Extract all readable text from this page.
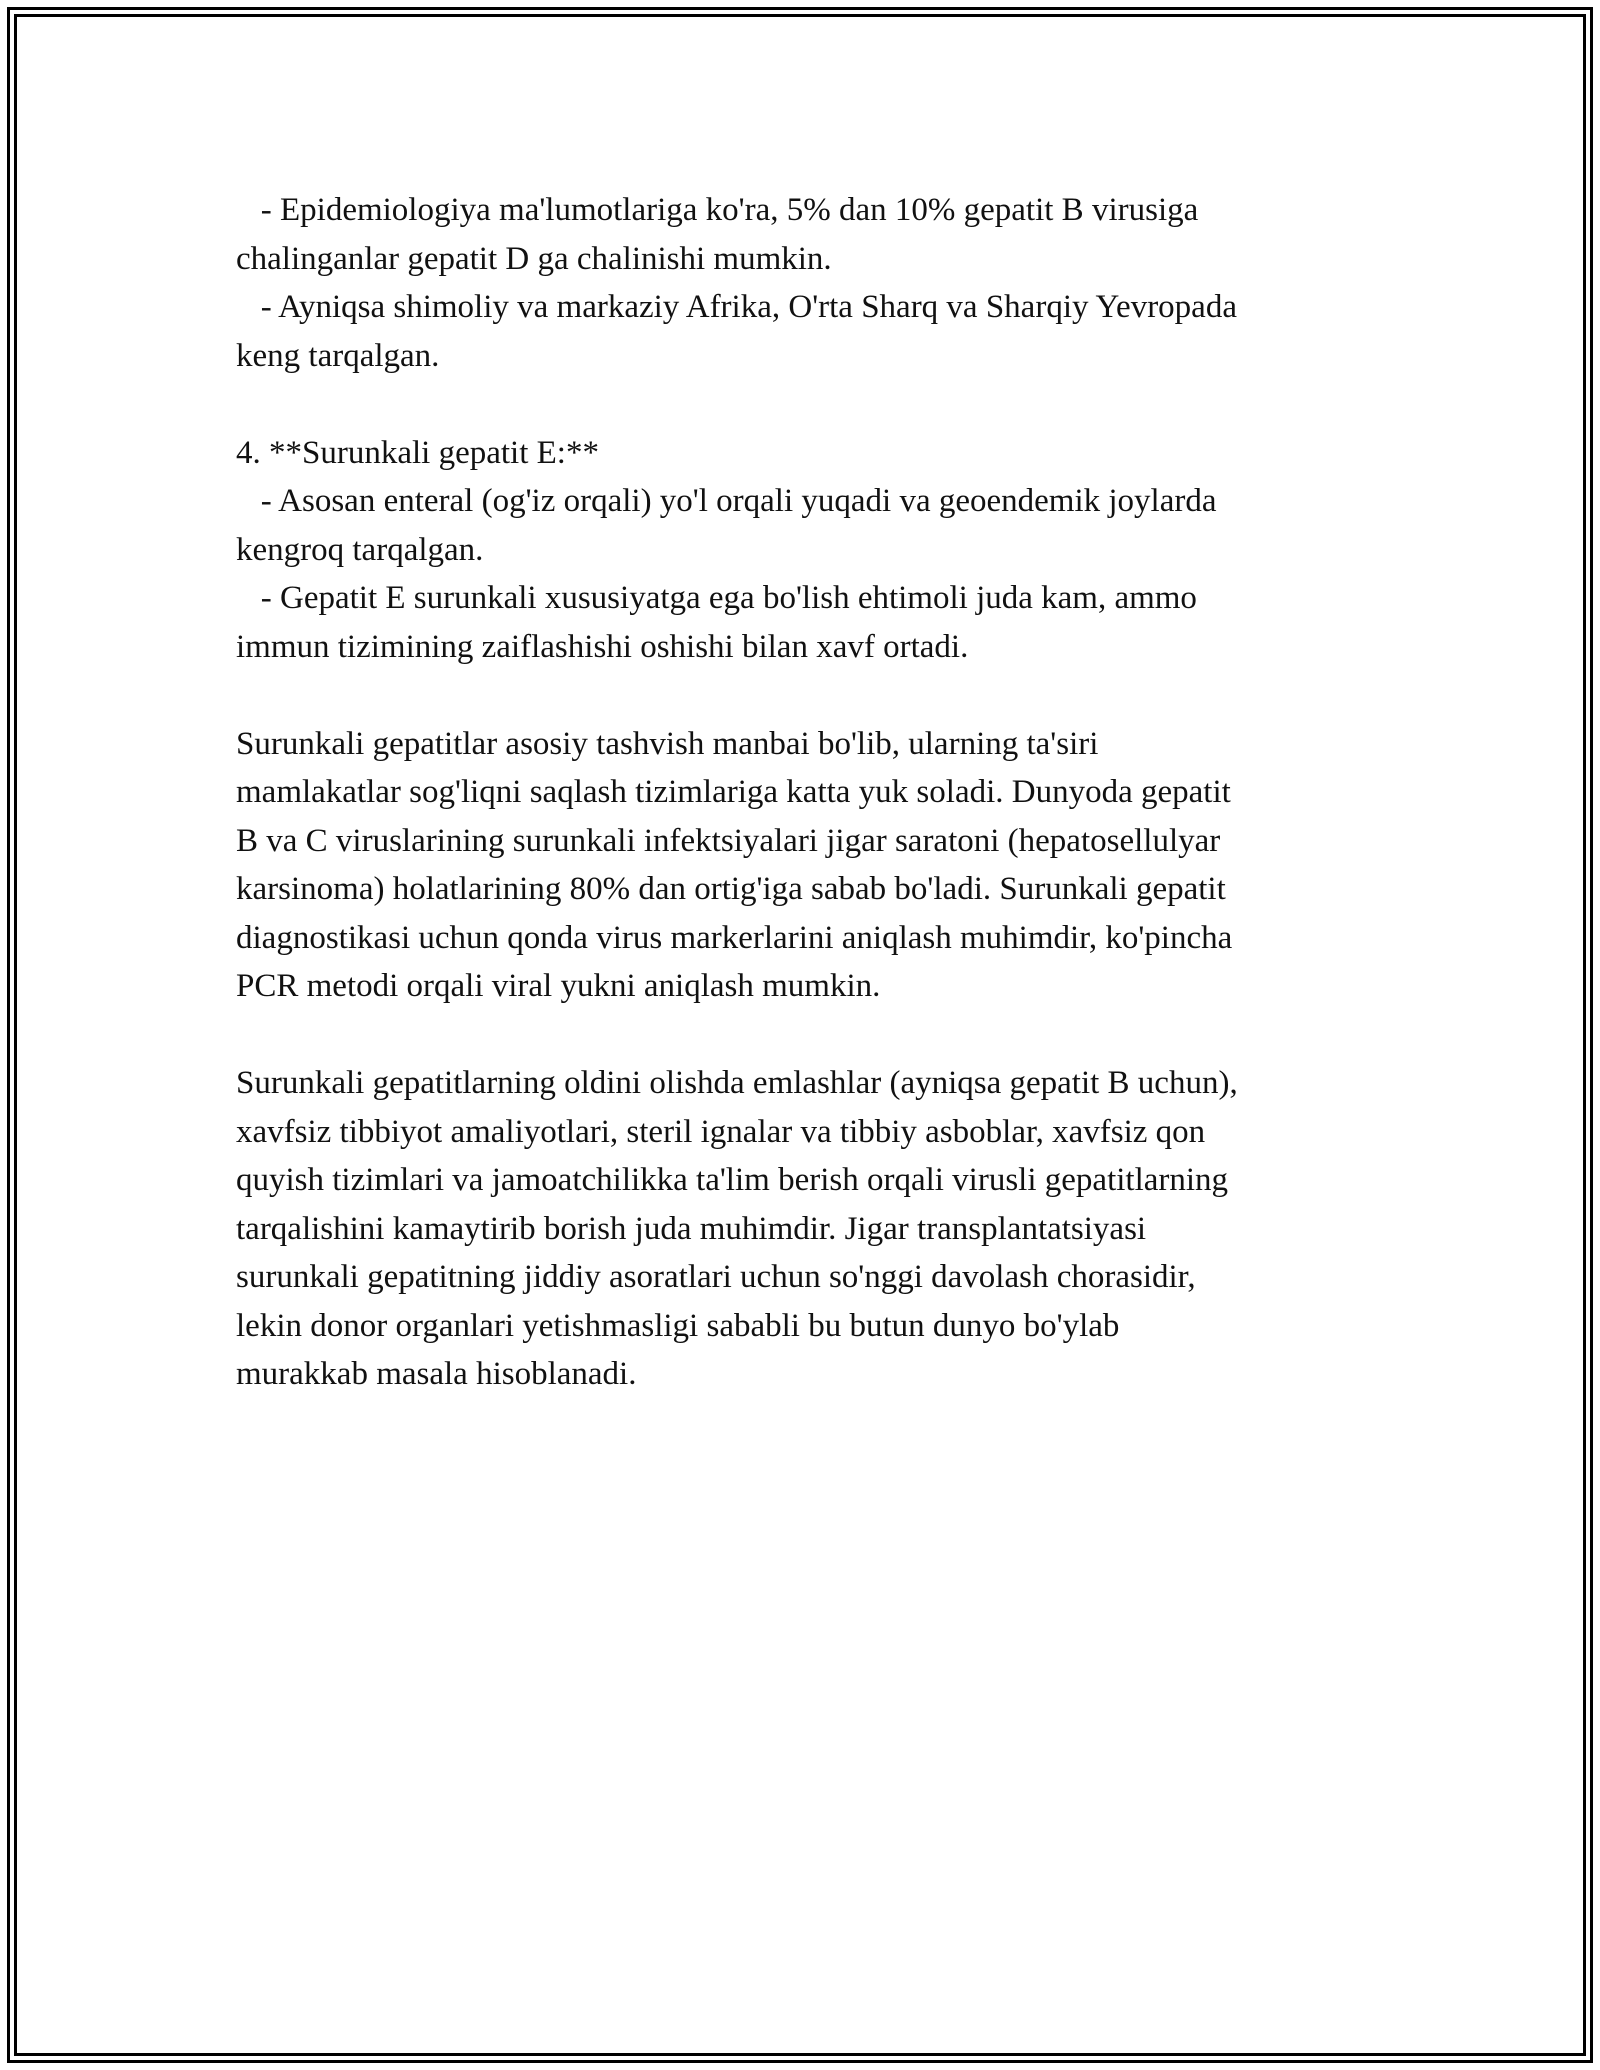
- Epidemiologiya ma'lumotlariga ko'ra, 5% dan 10% gepatit B virusiga

chalinganlar gepatit D ga chalinishi mumkin.

- Ayniqsa shimoliy va markaziy Afrika, O'rta Sharq va Sharqiy Yevropada

keng tarqalgan.

4. **Surunkali gepatit E:**

- Asosan enteral (og'iz orqali) yo'l orqali yuqadi va geoendemik joylarda

kengroq tarqalgan.

- Gepatit E surunkali xususiyatga ega bo'lish ehtimoli juda kam, ammo

immun tizimining zaiflashishi oshishi bilan xavf ortadi.

Surunkali gepatitlar asosiy tashvish manbai bo'lib, ularning ta'siri

mamlakatlar sog'liqni saqlash tizimlariga katta yuk soladi. Dunyoda gepatit

B va C viruslarining surunkali infektsiyalari jigar saratoni (hepatosellulyar

karsinoma) holatlarining 80% dan ortig'iga sabab bo'ladi. Surunkali gepatit

diagnostikasi uchun qonda virus markerlarini aniqlash muhimdir, ko'pincha

PCR metodi orqali viral yukni aniqlash mumkin.

Surunkali gepatitlarning oldini olishda emlashlar (ayniqsa gepatit B uchun),

xavfsiz tibbiyot amaliyotlari, steril ignalar va tibbiy asboblar, xavfsiz qon

quyish tizimlari va jamoatchilikka ta'lim berish orqali virusli gepatitlarning

tarqalishini kamaytirib borish juda muhimdir. Jigar transplantatsiyasi

surunkali gepatitning jiddiy asoratlari uchun so'nggi davolash chorasidir,

lekin donor organlari yetishmasligi sababli bu butun dunyo bo'ylab

murakkab masala hisoblanadi.
